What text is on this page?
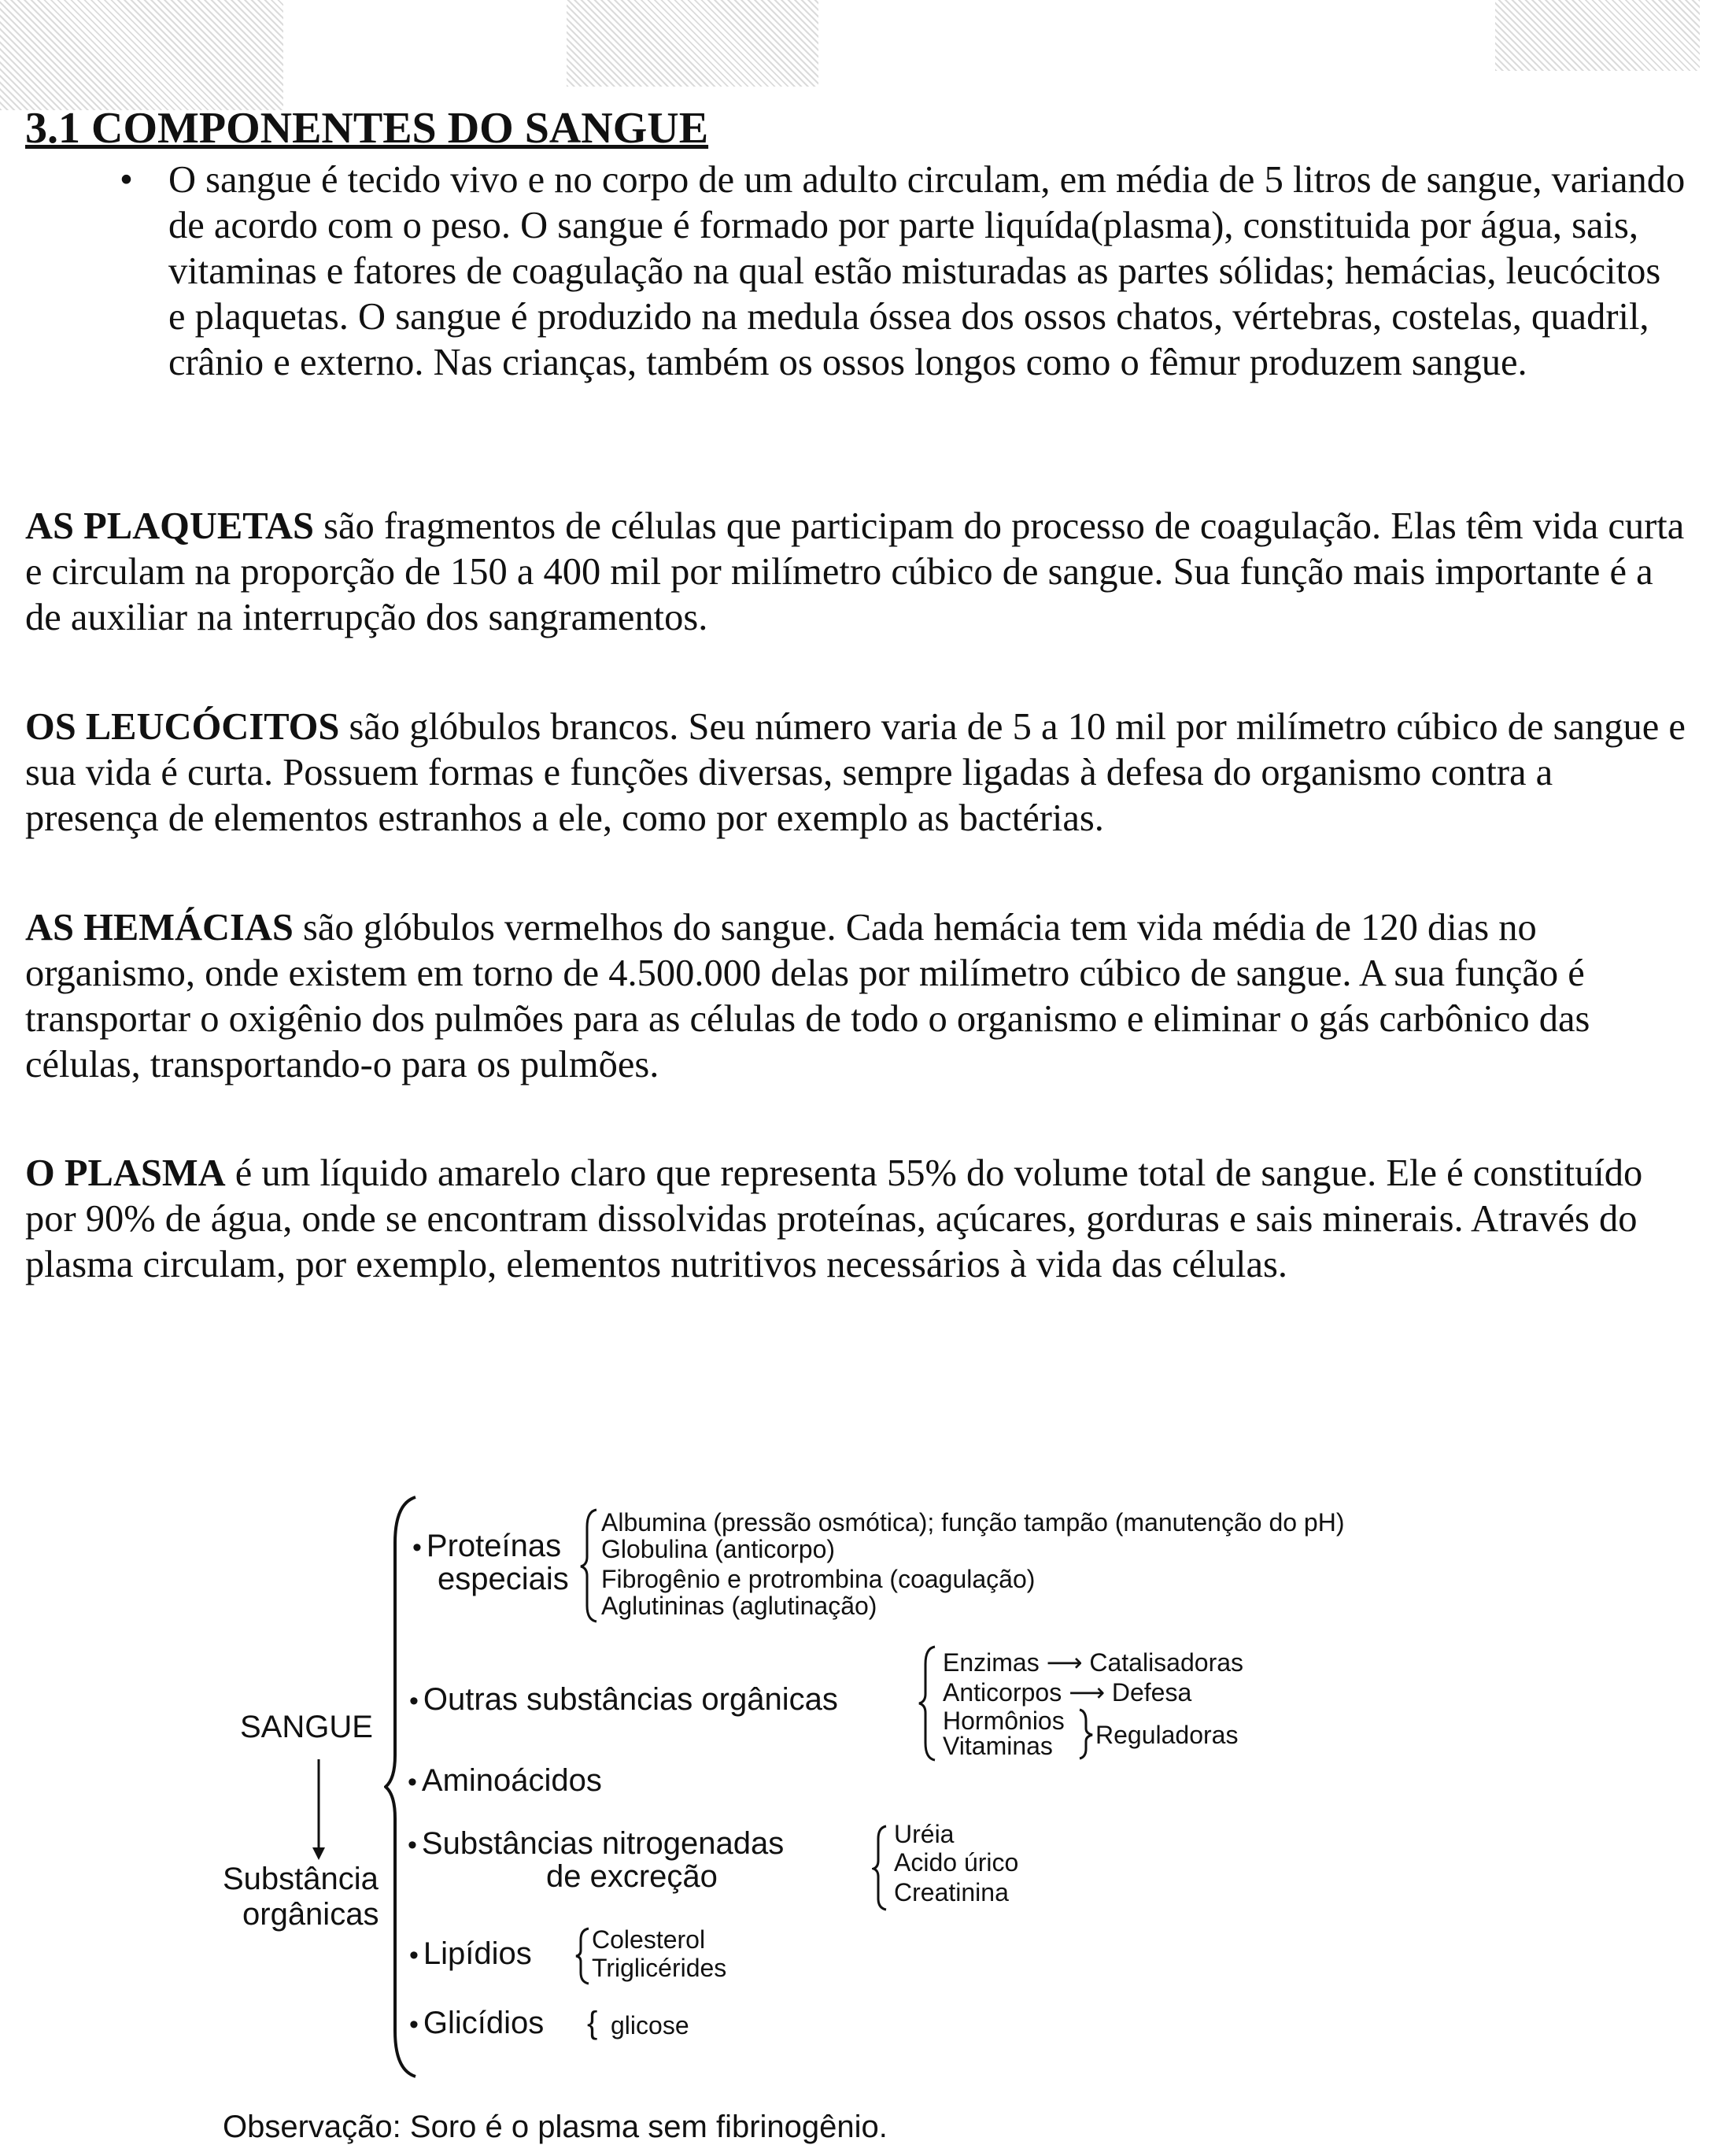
3.1 COMPONENTES DO SANGUE
• O sangue é tecido vivo e no corpo de um adulto circulam, em média de 5 litros de sangue, variando de acordo com o peso. O sangue é formado por parte liquída(plasma), constituida por água, sais, vitaminas e fatores de coagulação na qual estão misturadas as partes sólidas; hemácias, leucócitos e plaquetas. O sangue é produzido na medula óssea dos ossos chatos, vértebras, costelas, quadril, crânio e externo. Nas crianças, também os ossos longos como o fêmur produzem sangue.

AS PLAQUETAS são fragmentos de células que participam do processo de coagulação. Elas têm vida curta e circulam na proporção de 150 a 400 mil por milímetro cúbico de sangue. Sua função mais importante é a de auxiliar na interrupção dos sangramentos.

OS LEUCÓCITOS são glóbulos brancos. Seu número varia de 5 a 10 mil por milímetro cúbico de sangue e sua vida é curta. Possuem formas e funções diversas, sempre ligadas à defesa do organismo contra a presença de elementos estranhos a ele, como por exemplo as bactérias.

AS HEMÁCIAS são glóbulos vermelhos do sangue. Cada hemácia tem vida média de 120 dias no organismo, onde existem em torno de 4.500.000 delas por milímetro cúbico de sangue. A sua função é transportar o oxigênio dos pulmões para as células de todo o organismo e eliminar o gás carbônico das células, transportando-o para os pulmões.

O PLASMA é um líquido amarelo claro que representa 55% do volume total de sangue. Ele é constituído por 90% de água, onde se encontram dissolvidas proteínas, açúcares, gorduras e sais minerais. Através do plasma circulam, por exemplo, elementos nutritivos necessários à vida das células.

SANGUE
Substância
orgânicas
• Proteínas
especiais
Albumina (pressão osmótica); função tampão (manutenção do pH)
Globulina (anticorpo)
Fibrogênio e protrombina (coagulação)
Aglutininas (aglutinação)
• Outras substâncias orgânicas
Enzimas ⟶ Catalisadoras
Anticorpos ⟶ Defesa
Hormônios
Vitaminas Reguladoras
• Aminoácidos
• Substâncias nitrogenadas
de excreção
Uréia
Acido úrico
Creatinina
• Lipídios Colesterol
Triglicérides
• Glicídios { glicose
Observação: Soro é o plasma sem fibrinogênio.
